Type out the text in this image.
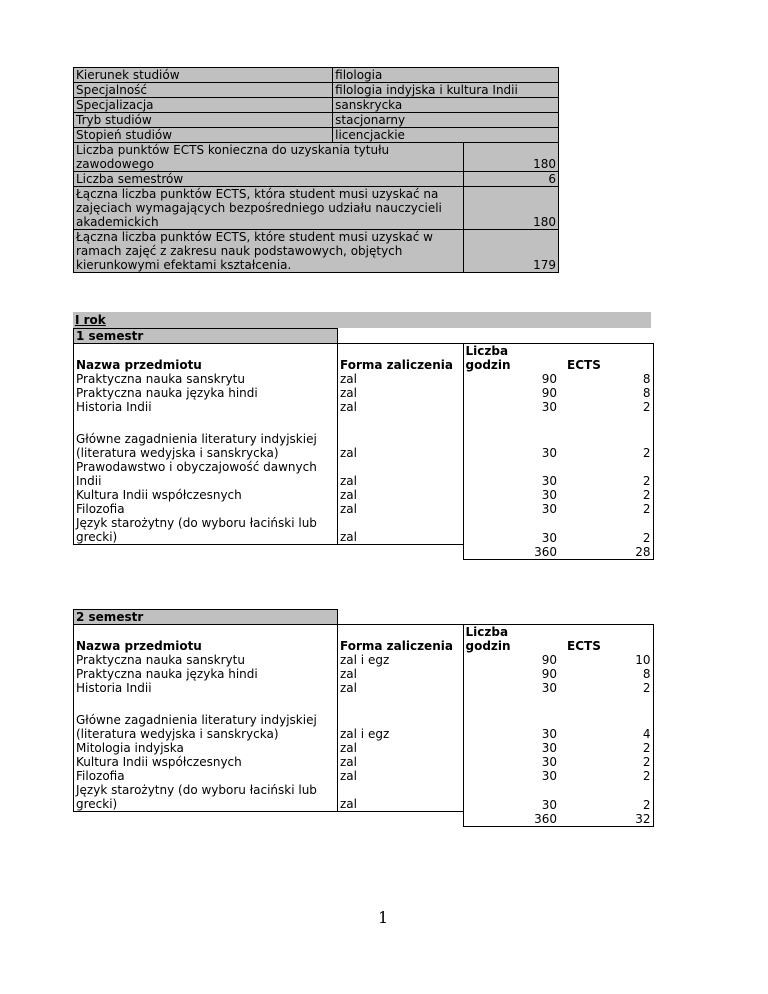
Kierunek studiów	filologia	
Specjalność	filologia indyjska i kultura Indii	
Specjalizacja	sanskrycka	
Tryb studiów	stacjonarny	
Stopień studiów	licencjackie	
Liczba punktów ECTS konieczna do uzyskania tytułu zawodowego		180
Liczba semestrów		6
Łączna liczba punktów ECTS, która student musi uzyskać na zajęciach wymagających bezpośredniego udziału nauczycieli akademickich		180
Łączna liczba punktów ECTS, które student musi uzyskać w ramach zajęć z zakresu nauk podstawowych, objętych kierunkowymi efektami kształcenia.		179
I rok
1 semestr			
Nazwa przedmiotu	Forma zaliczenia	Liczba godzin	ECTS
Praktyczna nauka sanskrytu	zal	90	8
Praktyczna nauka języka hindi	zal	90	8
Historia Indii	zal	30	2

Główne zagadnienia literatury indyjskiej (literatura wedyjska i sanskrycka)	zal	30	2
Prawodawstwo i obyczajowość dawnych Indii	zal	30	2
Kultura Indii współczesnych	zal	30	2
Filozofia	zal	30	2
Język starożytny (do wyboru łaciński lub grecki)	zal	30	2
		360	28
2 semestr			
Nazwa przedmiotu	Forma zaliczenia	Liczba godzin	ECTS
Praktyczna nauka sanskrytu	zal i egz	90	10
Praktyczna nauka języka hindi	zal	90	8
Historia Indii	zal	30	2

Główne zagadnienia literatury indyjskiej (literatura wedyjska i sanskrycka)	zal i egz	30	4
Mitologia indyjska	zal	30	2
Kultura Indii współczesnych	zal	30	2
Filozofia	zal	30	2
Język starożytny (do wyboru łaciński lub grecki)	zal	30	2
		360	32
1
